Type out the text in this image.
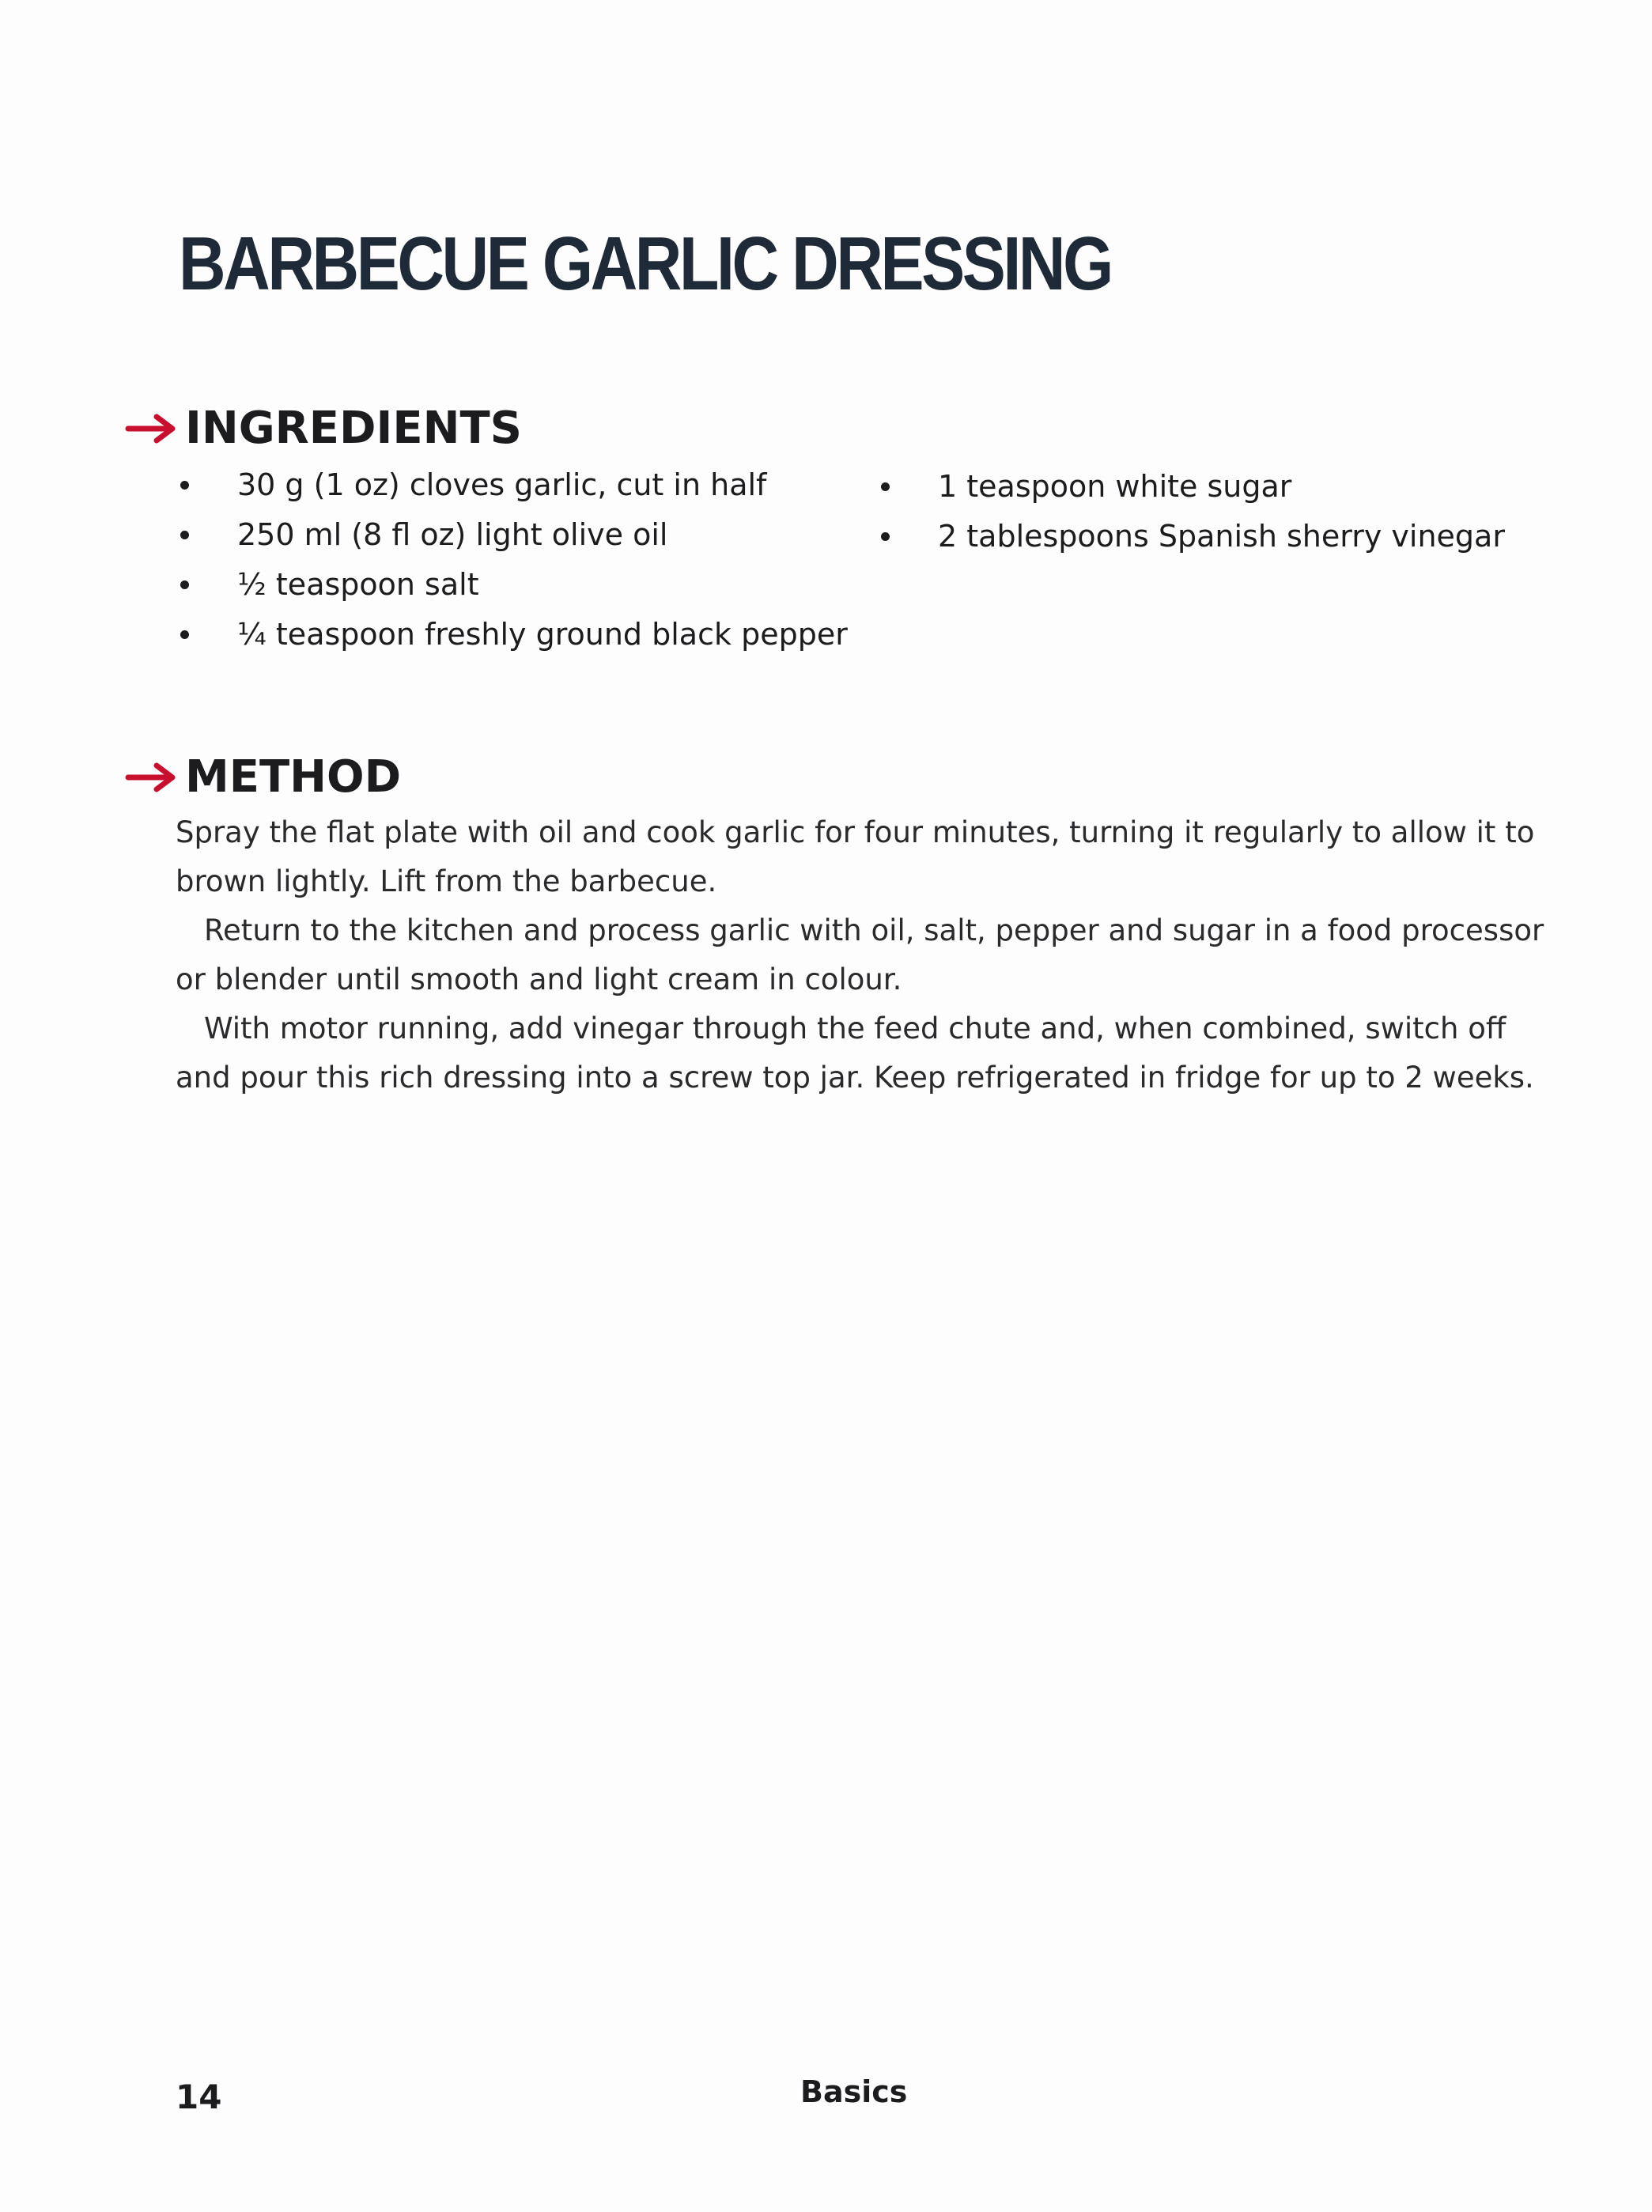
BARBECUE GARLIC DRESSING
INGREDIENTS
30 g (1 oz) cloves garlic, cut in half
250 ml (8 fl oz) light olive oil
½ teaspoon salt
¼ teaspoon freshly ground black pepper
1 teaspoon white sugar
2 tablespoons Spanish sherry vinegar
METHOD

Spray the flat plate with oil and cook garlic for four minutes, turning it regularly to allow it to brown lightly. Lift from the barbecue.

Return to the kitchen and process garlic with oil, salt, pepper and sugar in a food processor or blender until smooth and light cream in colour.

With motor running, add vinegar through the feed chute and, when combined, switch off and pour this rich dressing into a screw top jar. Keep refrigerated in fridge for up to 2 weeks.

14	Basics
